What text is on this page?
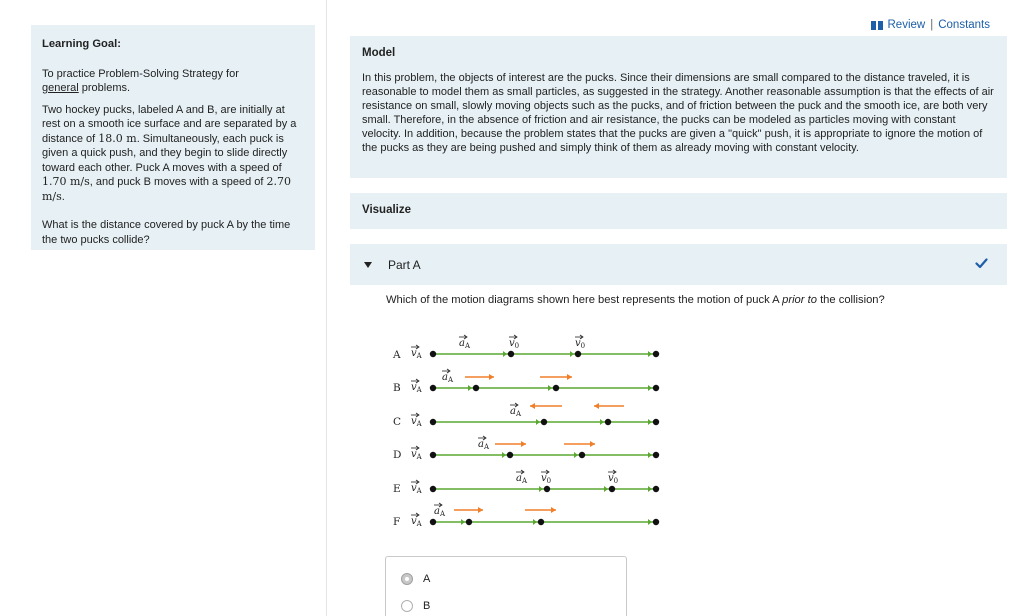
Learning Goal:

To practice Problem-Solving Strategy for
general problems.

Two hockey pucks, labeled A and B, are initially at rest on a smooth ice surface and are separated by a distance of 18.0 m. Simultaneously, each puck is given a quick push, and they begin to slide directly toward each other. Puck A moves with a speed of 1.70 m/s, and puck B moves with a speed of 2.70 m/s.

What is the distance covered by puck A by the time the two pucks collide?

Review | Constants
Model
In this problem, the objects of interest are the pucks. Since their dimensions are small compared to the distance traveled, it is reasonable to model them as small particles, as suggested in the strategy. Another reasonable assumption is that the effects of air resistance on small, slowly moving objects such as the pucks, and of friction between the puck and the smooth ice, are both very small. Therefore, in the absence of friction and air resistance, the pucks can be modeled as particles moving with constant velocity. In addition, because the problem states that the pucks are given a "quick" push, it is appropriate to ignore the motion of the pucks as they are being pushed and simply think of them as already moving with constant velocity.
Visualize
Part A
Which of the motion diagrams shown here best represents the motion of puck A prior to the collision?
A
B
C
D
E
F
$v_A$
$v_A$
$v_A$
$v_A$
$v_A$
$v_A$
$a_A$	$v_0$	$v_0$
$a_A$
$a_A$
$a_A$
$a_A$ $v_0$	$v_0$
$a_A$
A
B
